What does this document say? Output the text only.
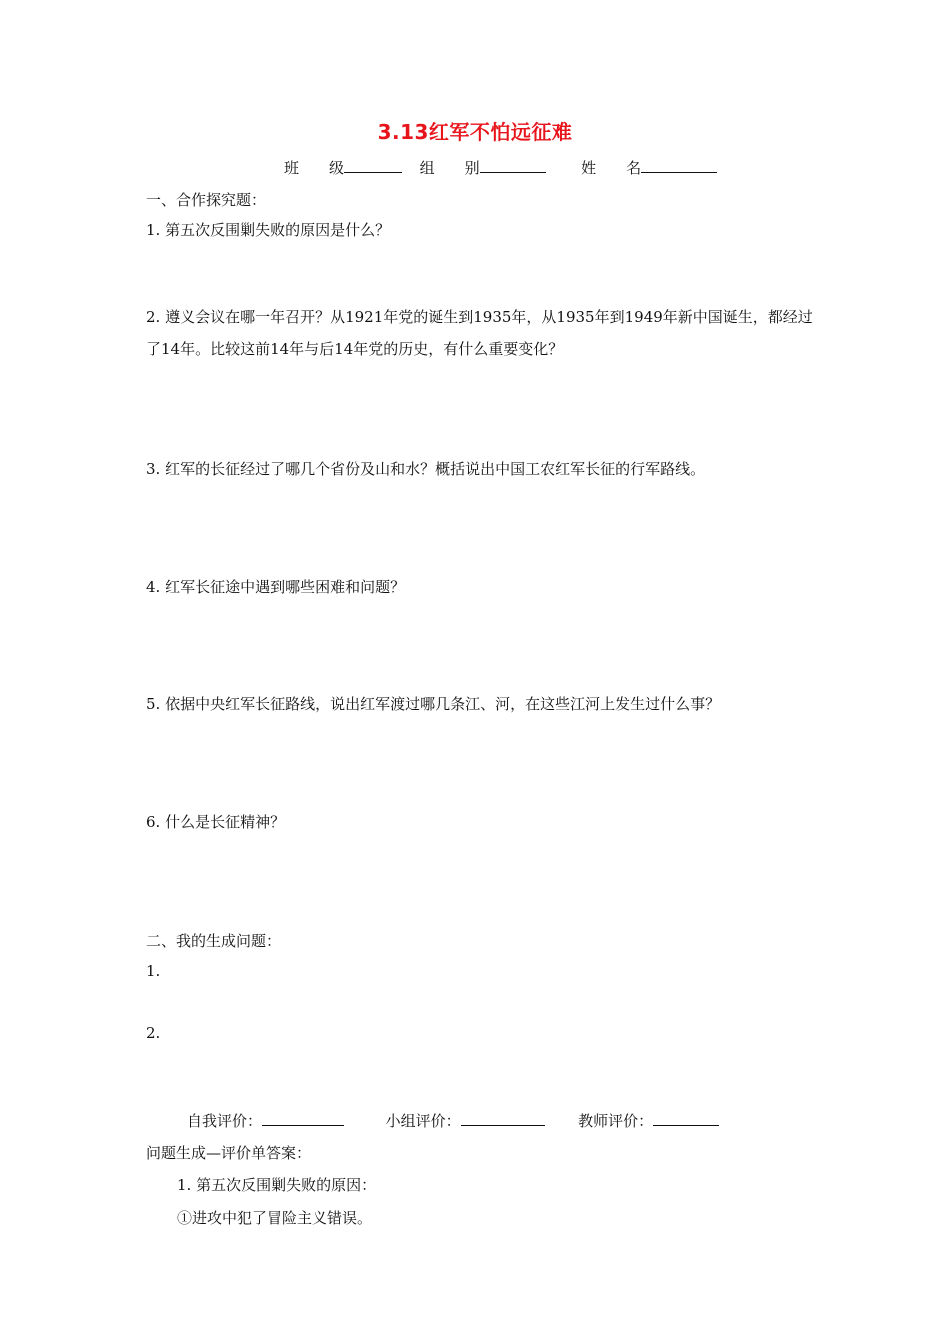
3.13红军不怕远征难
班　　级	组　　别	姓　　名
一、合作探究题：
1. 第五次反围剿失败的原因是什么？
2. 遵义会议在哪一年召开？从1921年党的诞生到1935年，从1935年到1949年新中国诞生，都经过了14年。比较这前14年与后14年党的历史，有什么重要变化？
3. 红军的长征经过了哪几个省份及山和水？概括说出中国工农红军长征的行军路线。
4. 红军长征途中遇到哪些困难和问题？
5. 依据中央红军长征路线，说出红军渡过哪几条江、河，在这些江河上发生过什么事？
6. 什么是长征精神？
二、我的生成问题：
1.
2.
自我评价：	小组评价：	教师评价：
问题生成—评价单答案：
1. 第五次反围剿失败的原因：
①进攻中犯了冒险主义错误。
